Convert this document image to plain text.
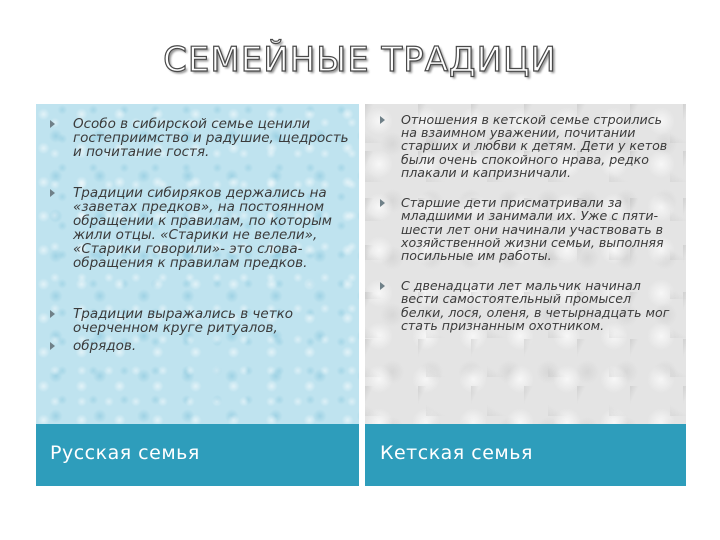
СЕМЕЙНЫЕ ТРАДИЦИ
Особо в сибирской семье ценили гостеприимство и радушие, щедрость и почитание гостя.
Традиции сибиряков держались на «заветах предков», на постоянном обращении к правилам, по которым жили отцы. «Старики не велели», «Старики говорили»- это слова-обращения к правилам предков.
Традиции выражались в четко очерченном круге ритуалов,
обрядов.
Отношения в кетской семье строились на взаимном уважении, почитании старших и любви к детям. Дети у кетов были очень спокойного нрава, редко плакали и капризничали.
Старшие дети присматривали за младшими и занимали их. Уже с пяти- шести лет они начинали участвовать в хозяйственной жизни семьи, выполняя посильные им работы.
С двенадцати лет мальчик начинал вести самостоятельный промысел белки, лося, оленя, в четырнадцать мог стать признанным охотником.
Русская семья	Кетская семья
